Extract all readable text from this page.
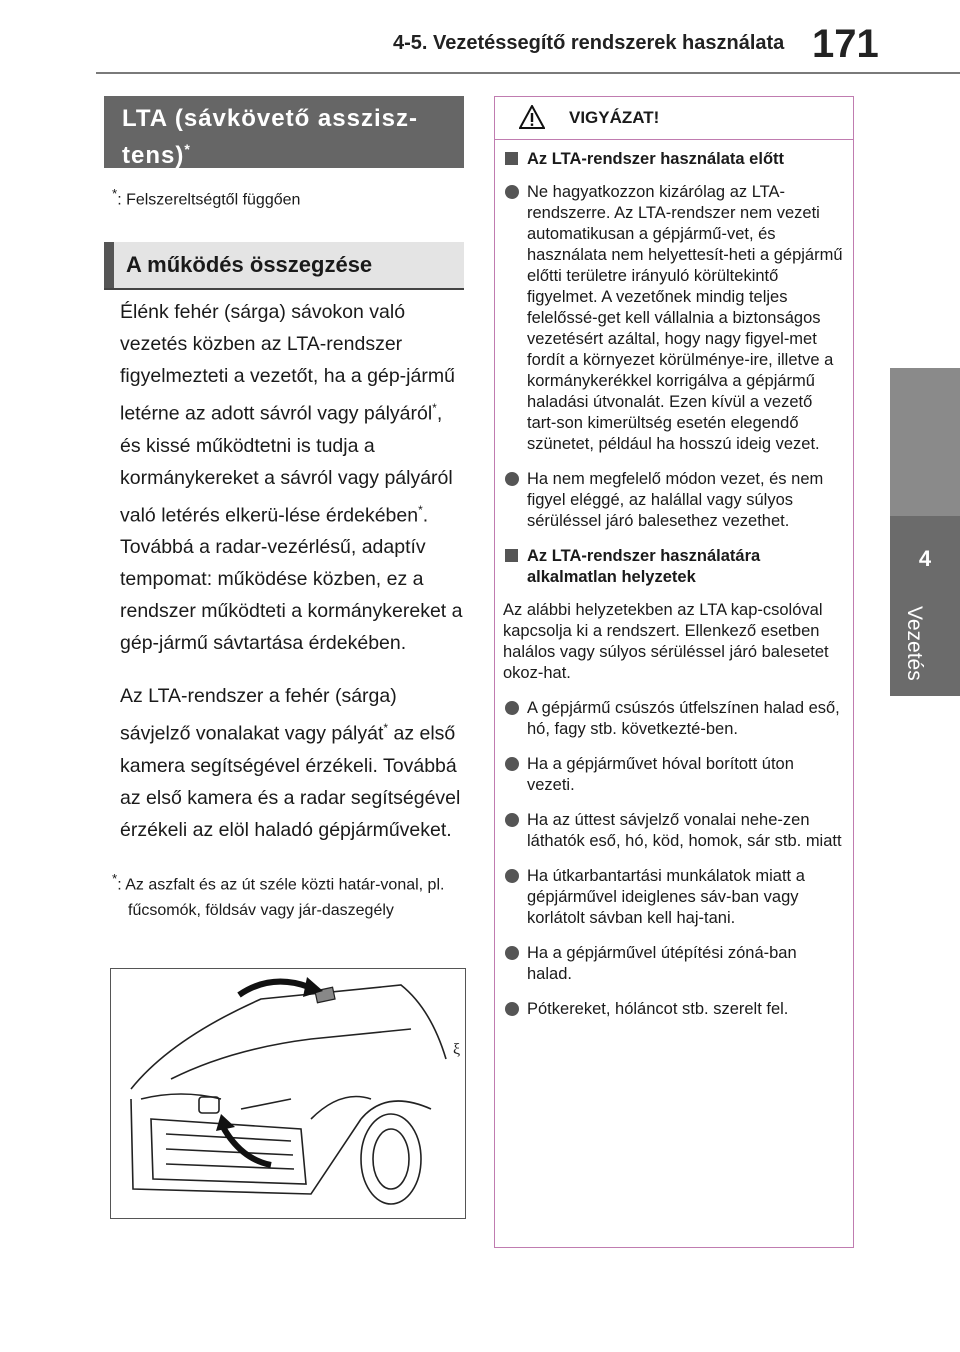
4-5. Vezetéssegítő rendszerek használata 171
4
Vezetés
LTA (sávkövető asszisz-
tens)*
*: Felszereltségtől függően
A működés összegzése

Élénk fehér (sárga) sávokon való vezetés közben az LTA-rendszer figyelmezteti a vezetőt, ha a gép-jármű letérne az adott sávról vagy pályáról*, és kissé működtetni is tudja a kormánykereket a sávról vagy pályáról való letérés elkerü-lése érdekében*. Továbbá a radar-vezérlésű, adaptív tempomat: működése közben, ez a rendszer működteti a kormánykereket a gép-jármű sávtartása érdekében.

Az LTA-rendszer a fehér (sárga) sávjelző vonalakat vagy pályát* az első kamera segítségével érzékeli. Továbbá az első kamera és a radar segítségével érzékeli az elöl haladó gépjárműveket.

*: Az aszfalt és az út széle közti határ-vonal, pl. fűcsomók, földsáv vagy jár-daszegély
ξ
VIGYÁZAT!
Az LTA-rendszer használata előtt
Ne hagyatkozzon kizárólag az LTA-rendszerre. Az LTA-rendszer nem vezeti automatikusan a gépjármű-vet, és használata nem helyettesít-heti a gépjármű előtti területre irányuló körültekintő figyelmet. A vezetőnek mindig teljes felelőssé-get kell vállalnia a biztonságos vezetésért azáltal, hogy nagy figyel-met fordít a környezet körülménye-ire, illetve a kormánykerékkel korrigálva a gépjármű haladási útvonalát. Ezen kívül a vezető tart-son kimerültség esetén elegendő szünetet, például ha hosszú ideig vezet.
Ha nem megfelelő módon vezet, és nem figyel eléggé, az halállal vagy súlyos sérüléssel járó balesethez vezethet.
Az LTA-rendszer használatára alkalmatlan helyzetek
Az alábbi helyzetekben az LTA kap-csolóval kapcsolja ki a rendszert. Ellenkező esetben halálos vagy súlyos sérüléssel járó balesetet okoz-hat.
A gépjármű csúszós útfelszínen halad eső, hó, fagy stb. következté-ben.
Ha a gépjárművet hóval borított úton vezeti.
Ha az úttest sávjelző vonalai nehe-zen láthatók eső, hó, köd, homok, sár stb. miatt
Ha útkarbantartási munkálatok miatt a gépjárművel ideiglenes sáv-ban vagy korlátolt sávban kell haj-tani.
Ha a gépjárművel útépítési zóná-ban halad.
Pótkereket, hóláncot stb. szerelt fel.
